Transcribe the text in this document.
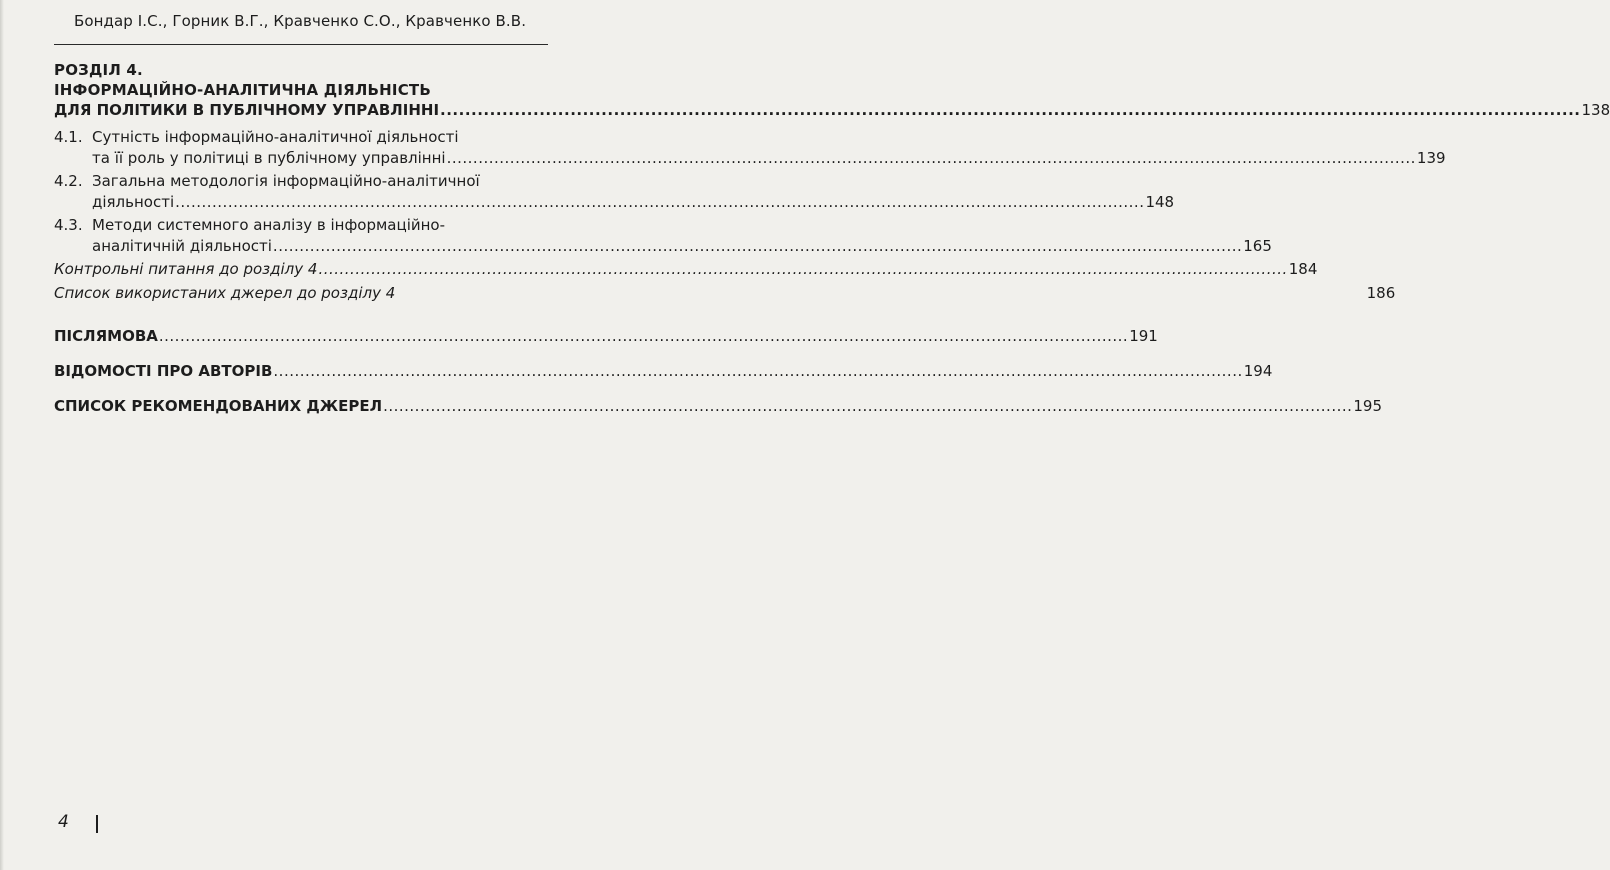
Бондар І.С., Горник В.Г., Кравченко С.О., Кравченко В.В.
РОЗДІЛ 4.
ІНФОРМАЦІЙНО-АНАЛІТИЧНА ДІЯЛЬНІСТЬ
ДЛЯ ПОЛІТИКИ В ПУБЛІЧНОМУ УПРАВЛІННІ .....	138
4.1. Сутність інформаційно-аналітичної діяльності
та її роль у політиці в публічному управлінні .....	139
4.2. Загальна методологія інформаційно-аналітичної
діяльності .....	148
4.3. Методи системного аналізу в інформаційно-
аналітичній діяльності .....	165
Контрольні питання до розділу 4 .....	184
Список використаних джерел до розділу 4	186
ПІСЛЯМОВА .....	191
ВІДОМОСТІ ПРО АВТОРІВ .....	194
СПИСОК РЕКОМЕНДОВАНИХ ДЖЕРЕЛ .....	195
4
